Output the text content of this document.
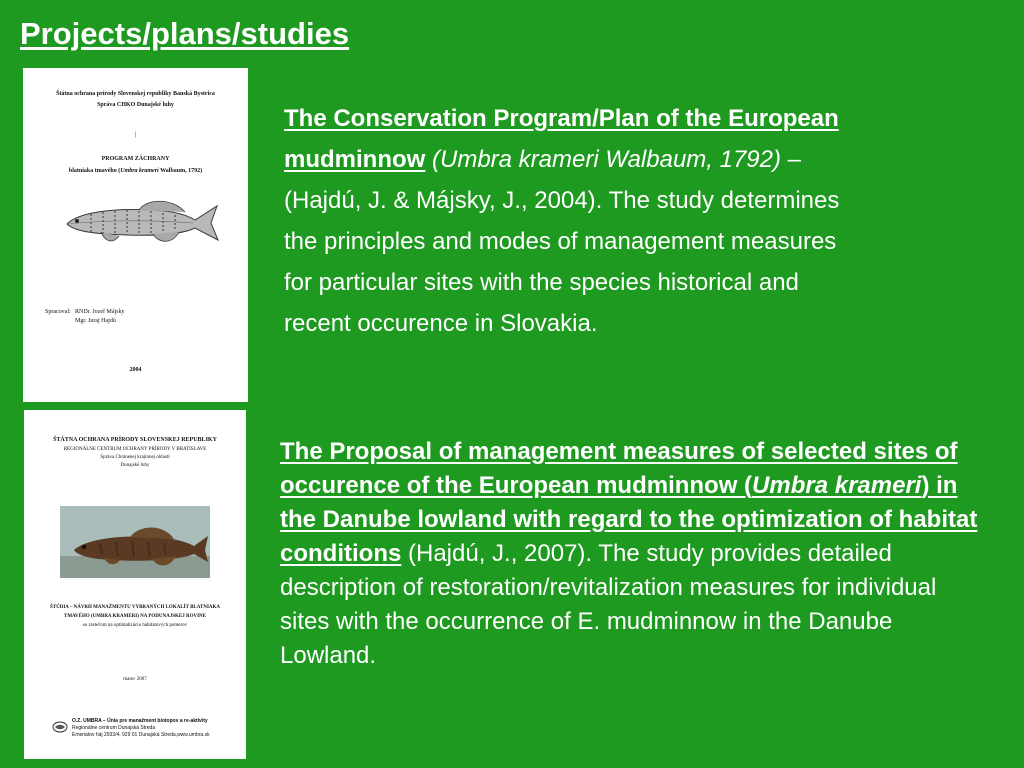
Projects/plans/studies

Štátna ochrana prírody Slovenskej republiky Banská Bystrica

Správa CHKO Dunajské luhy

|

PROGRAM ZÁCHRANY

blatniaka tmavého (Umbra krameri Walbaum, 1792)

Spracoval: RNDr. Jozef Májsky

Mgr. Juraj Hajdú

2004

ŠTÁTNA OCHRANA PRÍRODY SLOVENSKEJ REPUBLIKY

REGIONÁLNE CENTRUM OCHRANY PRÍRODY V BRATISLAVE

Správa Chránenej krajinnej oblasti

Dunajské luhy

ŠTÚDIA – NÁVRH MANAŽMENTU VYBRANÝCH LOKALÍT BLATNIAKA

TMAVÉHO (UMBRA KRAMERI) NA PODUNAJSKEJ ROVINE

so zreteľom na optimalizáciu habitatových pomerov

marec 2007

O.Z. UMBRA – Únia pre manažment biotopov a re-aktivity
Regionálne centrum Dunajská Streda
Emeriatov háj 2933/4, 929 01 Dunajská Streda,www.umbra.sk
The Conservation Program/Plan of the European
mudminnow (Umbra krameri Walbaum, 1792) –
(Hajdú, J. & Májsky, J., 2004). The study determines
the principles and modes of management measures
for particular sites with the species historical and
recent occurence in Slovakia.
• The Proposal of management measures of selected sites of occurence of the European mudminnow (Umbra krameri) in the Danube lowland with regard to the optimization of habitat conditions (Hajdú, J., 2007). The study provides detailed description of restoration/revitalization measures for individual sites with the occurrence of E. mudminnow in the Danube Lowland.
